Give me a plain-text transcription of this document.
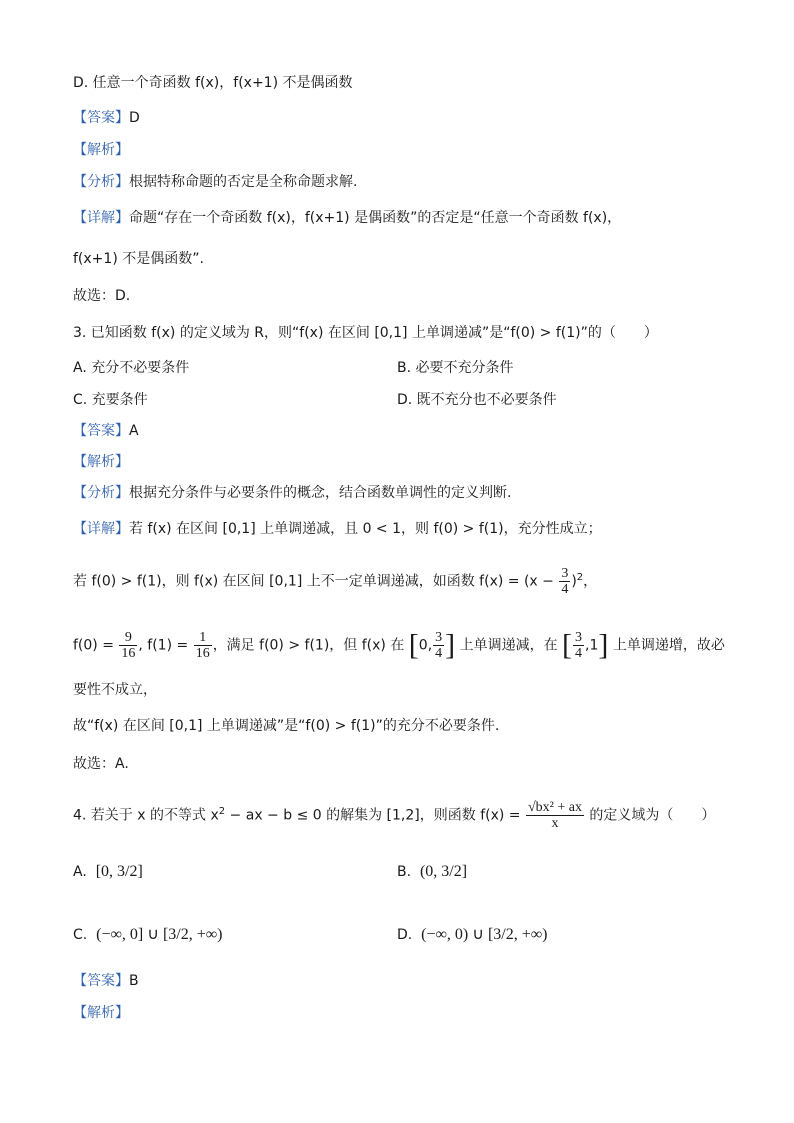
D. 任意一个奇函数 f(x)，f(x+1) 不是偶函数
【答案】D
【解析】
【分析】根据特称命题的否定是全称命题求解.
【详解】命题“存在一个奇函数 f(x)，f(x+1) 是偶函数”的否定是“任意一个奇函数 f(x)，
f(x+1) 不是偶函数”.
故选：D.
3. 已知函数 f(x) 的定义域为 R，则“f(x) 在区间 [0,1] 上单调递减”是“f(0) > f(1)”的（　　）
A. 充分不必要条件	B. 必要不充分条件
C. 充要条件	D. 既不充分也不必要条件
【答案】A
【解析】
【分析】根据充分条件与必要条件的概念，结合函数单调性的定义判断.
【详解】若 f(x) 在区间 [0,1] 上单调递减，且 0 < 1，则 f(0) > f(1)，充分性成立；
若 f(0) > f(1)，则 f(x) 在区间 [0,1] 上不一定单调递减，如函数 $f(x) = (x - \frac{3}{4} )^2$，
$f(0) = \frac{9}{16}$ , $f(1) = \frac{1}{16}$ ，满足 f(0) > f(1)，但 f(x) 在 [0, $\frac{3}{4}$ ] 上单调递减，在 [ $\frac{3}{4} ,1$] 上单调递增，故必
要性不成立，
故“f(x) 在区间 [0,1] 上单调递减”是“f(0) > f(1)”的充分不必要条件.
故选：A.
4. 若关于 x 的不等式 $x^2$ − ax − b ≤ 0 的解集为 [1,2]，则函数 $f(x) = \frac{\text{√bx² + ax}}{x}$ 的定义域为（　　）
A. [0, 3/2]	B. (0, 3/2]
C. (−∞, 0] ∪ [3/2, +∞)	D. (−∞, 0) ∪ [3/2, +∞)
【答案】B
【解析】
